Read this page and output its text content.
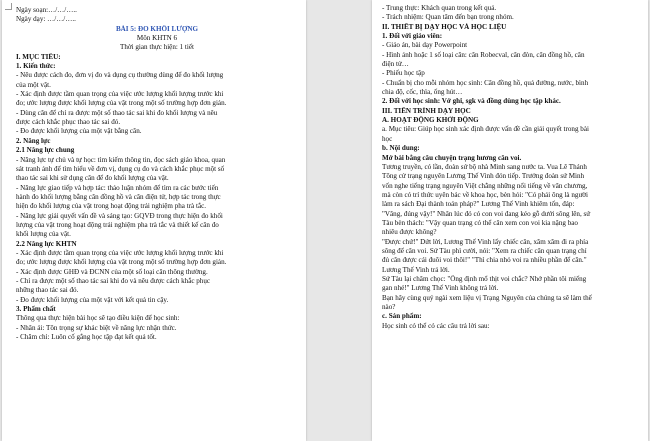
Ngày soạn:…/…/…..
Ngày dạy: …/…/…..
BÀI 5: ĐO KHỐI LƯỢNG
Môn KHTN 6
Thời gian thực hiện: 1 tiết
I. MỤC TIÊU:
1. Kiến thức:
- Nêu được cách đo, đơn vị đo và dụng cụ thường dùng để đo khối lượng
của một vật.
- Xác định được tầm quan trọng của việc ước lượng khối lượng trước khi
đo; ước lượng được khối lượng của vật trong một số trường hợp đơn giản.
- Dùng cân để chỉ ra được một số thao tác sai khi đo khối lượng và nêu
được cách khắc phục thao tác sai đó.
- Đo được khối lượng của một vật bằng cân.
2. Năng lực
2.1 Năng lực chung
- Năng lực tự chủ và tự học: tìm kiếm thông tin, đọc sách giáo khoa, quan
sát tranh ảnh để tìm hiểu về đơn vị, dụng cụ đo và cách khắc phục một số
thao tác sai khi sử dụng cân để đo khối lượng của vật.
- Năng lực giao tiếp và hợp tác: thảo luận nhóm để tìm ra các bước tiến
hành đo khối lượng bằng cân đồng hồ và cân điện tử, hợp tác trong thực
hiện đo khối lượng của vật trong hoạt động trải nghiệm pha trà tắc.
- Năng lực giải quyết vấn đề và sáng tạo: GQVĐ trong thực hiện đo khối
lượng của vật trong hoạt động trải nghiệm pha trà tắc và thiết kế cân đo
khối lượng của vật.
2.2 Năng lực KHTN
- Xác định được tầm quan trọng của việc ước lượng khối lượng trước khi
đo; ước lượng được khối lượng của vật trong một số trường hợp đơn giản.
- Xác định được GHĐ và ĐCNN của một số loại cân thông thường.
- Chỉ ra được một số thao tác sai khi đo và nêu được cách khắc phục
những thao tác sai đó.
- Đo được khối lượng của một vật với kết quả tin cậy.
3. Phẩm chất
Thông qua thực hiện bài học sẽ tạo điều kiện để học sinh:
- Nhân ái: Tôn trọng sự khác biệt về năng lực nhận thức.
- Chăm chỉ: Luôn cố gắng học tập đạt kết quả tốt.
- Trung thực: Khách quan trong kết quả.
- Trách nhiệm: Quan tâm đến bạn trong nhóm.
II. THIẾT BỊ DẠY HỌC VÀ HỌC LIỆU
1. Đối với giáo viên:
- Giáo án, bài dạy Powerpoint
- Hình ảnh hoặc 1 số loại cân: cân Robecval, cân đòn, cân đồng hồ, cân
điện tử…
- Phiếu học tập
- Chuẩn bị cho mỗi nhóm học sinh: Cân đồng hồ, quả đường, nước, bình
chia độ, cốc, thìa, ống hút…
2. Đối với học sinh: Vở ghi, sgk và đồng dùng học tập khác.
III. TIẾN TRÌNH DẠY HỌC
A. HOẠT ĐỘNG KHỞI ĐỘNG
a. Mục tiêu: Giúp học sinh xác định được vấn đề cần giải quyết trong bài
học
b. Nội dung:
Mở bài bằng câu chuyện trạng hương cân voi.
Tương truyền, có lần, đoàn sứ bộ nhà Minh sang nước ta. Vua Lê Thánh
Tông cử trạng nguyên Lương Thế Vinh đón tiếp. Trưởng đoàn sứ Minh
vốn nghe tiếng trạng nguyên Việt chẳng những nổi tiếng về văn chương,
mà còn có trí thức uyên bác về khoa học, bèn hỏi: "Có phải ông là người
làm ra sách Đại thành toán pháp?" Lương Thế Vinh khiêm tốn, đáp:
"Vâng, đúng vậy!" Nhân lúc đó có con voi đang kéo gỗ dưới sông lên, sứ
Tàu bèn thách: "Vậy quan trạng có thể cân xem con voi kia nặng bao
nhiêu được không?
"Được chứ!" Dứt lời, Lương Thế Vinh lấy chiếc cân, xăm xăm đi ra phía
sông để cân voi. Sứ Tàu phì cười, nói: "Xem ra chiếc cân quan trạng chỉ
đủ cân được cái đuôi voi thôi!" "Thì chia nhỏ voi ra nhiều phần để cân."
Lương Thế Vinh trả lời.
Sứ Tàu lại châm chọc: "Ông định mổ thịt voi chắc? Nhớ phần tôi miếng
gan nhé!" Lương Thế Vinh không trả lời.
Bạn hãy cùng quý ngài xem liệu vị Trạng Nguyên của chúng ta sẽ làm thế
nào?
c. Sản phẩm:
Học sinh có thể có các câu trả lời sau:
